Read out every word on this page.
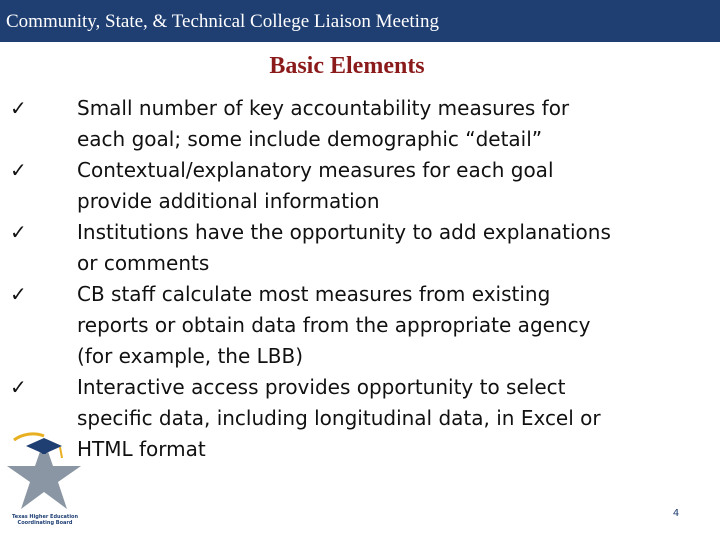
Community, State, & Technical College Liaison Meeting
Basic Elements
✓	Small number of key accountability measures for
each goal; some include demographic “detail”
✓	Contextual/explanatory measures for each goal
provide additional information
✓	Institutions have the opportunity to add explanations
or comments
✓	CB staff calculate most measures from existing
reports or obtain data from the appropriate agency
(for example, the LBB)
✓	Interactive access provides opportunity to select
specific data, including longitudinal data, in Excel or
HTML format
Texas Higher Education Coordinating Board
4
